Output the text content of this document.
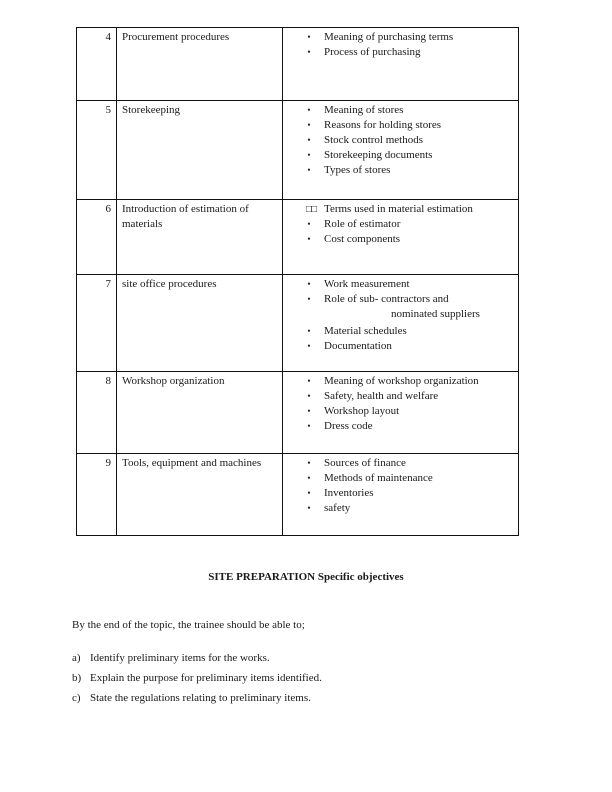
4	Procurement procedures	•	Meaning of purchasing terms
•	Process of purchasing

5	Storekeeping	•	Meaning of stores
•	Reasons for holding stores
•	Stock control methods
•	Storekeeping documents
•	Types of stores

6	Introduction of estimation of materials	
□□ Terms used in material estimation
•	Role of estimator
•	Cost components

7	site office procedures	•	Work measurement
•	Role of sub- contractors and
nominated suppliers
•	Material schedules
•	Documentation

8	Workshop organization	•	Meaning of workshop organization
•	Safety, health and welfare
•	Workshop layout
•	Dress code

9	Tools, equipment and machines	•	Sources of finance
•	Methods of maintenance
•	Inventories
•	safety
SITE PREPARATION Specific objectives
By the end of the topic, the trainee should be able to;
a) Identify preliminary items for the works.
b) Explain the purpose for preliminary items identified.
c) State the regulations relating to preliminary items.
